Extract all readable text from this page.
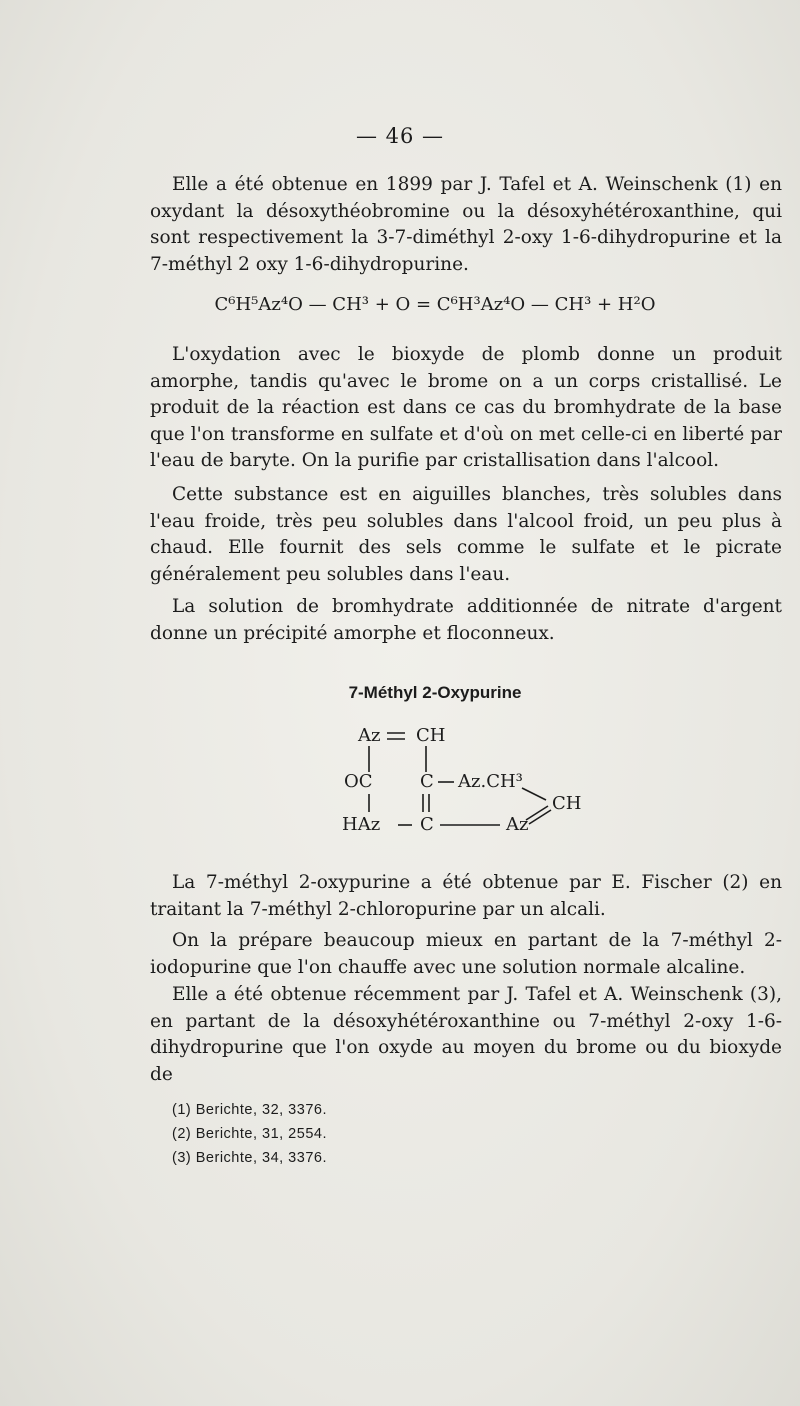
— 46 —
Elle a été obtenue en 1899 par J. Tafel et A. Weinschenk (1) en oxydant la désoxythéobromine ou la désoxyhétéroxanthine, qui sont respectivement la 3-7-diméthyl 2-oxy 1-6-dihydropurine et la 7-méthyl 2 oxy 1-6-dihydropurine.
C⁶H⁵Az⁴O — CH³ + O = C⁶H³Az⁴O — CH³ + H²O
L'oxydation avec le bioxyde de plomb donne un produit amorphe, tandis qu'avec le brome on a un corps cristallisé. Le produit de la réaction est dans ce cas du bromhydrate de la base que l'on transforme en sulfate et d'où on met celle-ci en liberté par l'eau de baryte. On la purifie par cristallisation dans l'alcool.
Cette substance est en aiguilles blanches, très solubles dans l'eau froide, très peu solubles dans l'alcool froid, un peu plus à chaud. Elle fournit des sels comme le sulfate et le picrate généralement peu solubles dans l'eau.
La solution de bromhydrate additionnée de nitrate d'argent donne un précipité amorphe et floconneux.
7-Méthyl 2-Oxypurine
Az CH
OC	C Az.CH³
CH
HAz C	Az
La 7-méthyl 2-oxypurine a été obtenue par E. Fischer (2) en traitant la 7-méthyl 2-chloropurine par un alcali.
On la prépare beaucoup mieux en partant de la 7-méthyl 2-iodopurine que l'on chauffe avec une solution normale alcaline.
Elle a été obtenue récemment par J. Tafel et A. Weinschenk (3), en partant de la désoxyhétéroxanthine ou 7-méthyl 2-oxy 1-6-dihydropurine que l'on oxyde au moyen du brome ou du bioxyde de
(1) Berichte, 32, 3376.
(2) Berichte, 31, 2554.
(3) Berichte, 34, 3376.
